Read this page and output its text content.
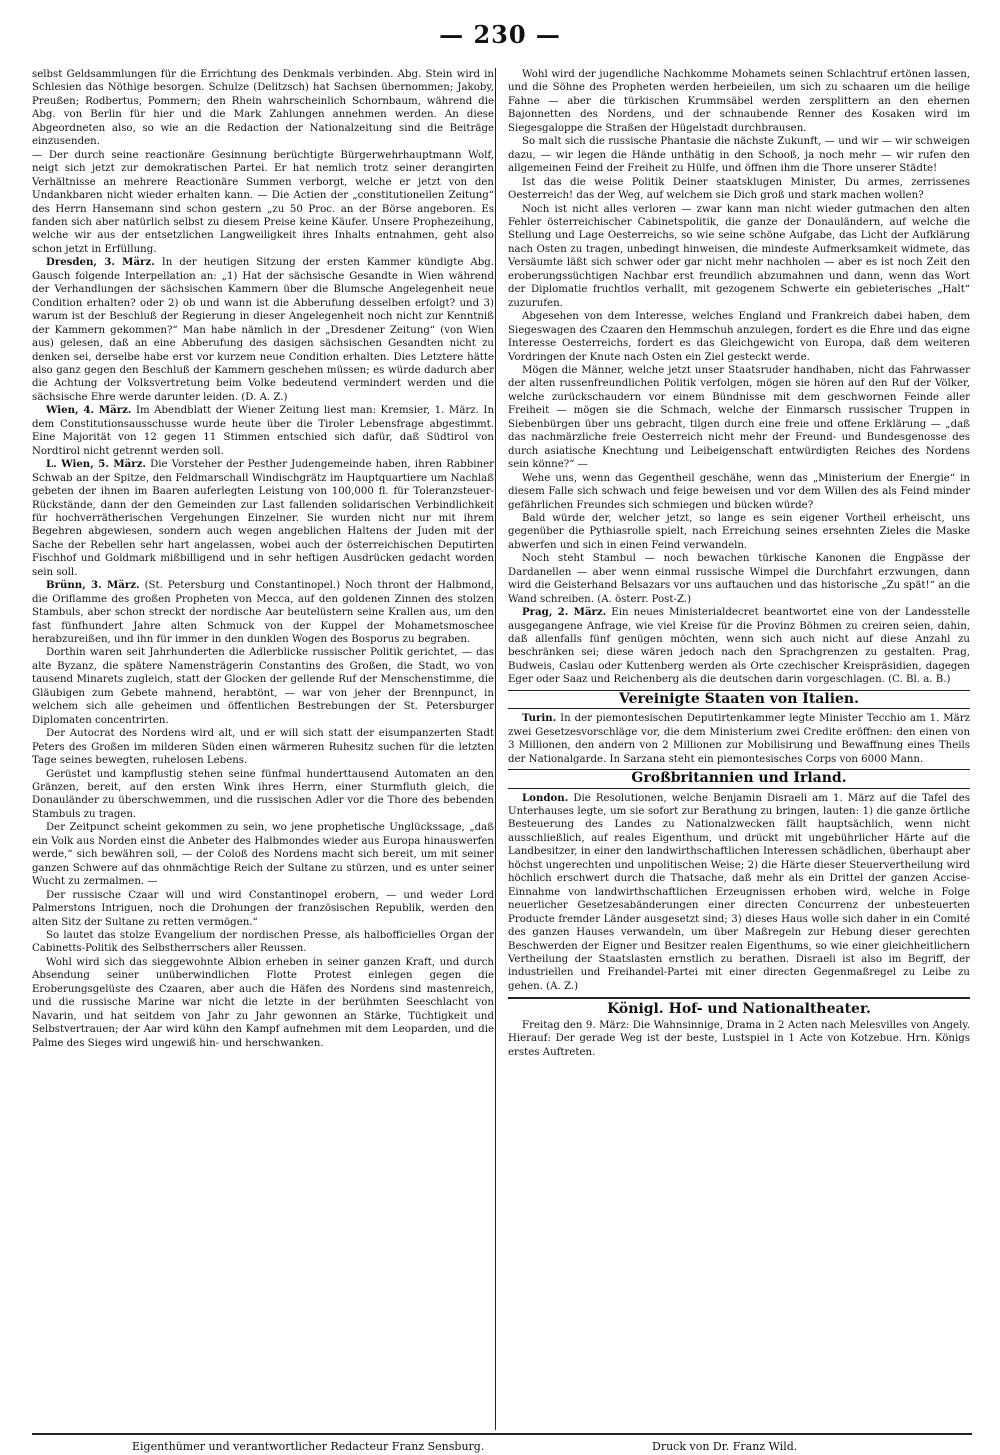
— 230 —

selbst Geldsammlungen für die Errichtung des Denkmals verbinden. Abg. Stein wird in Schlesien das Nöthige besorgen. Schulze (Delitzsch) hat Sachsen übernommen; Jakoby, Preußen; Rodbertus, Pommern; den Rhein wahrscheinlich Schornbaum, während die Abg. von Berlin für hier und die Mark Zahlungen annehmen werden. An diese Abgeordneten also, so wie an die Redaction der Nationalzeitung sind die Beiträge einzusenden.

— Der durch seine reactionäre Gesinnung berüchtigte Bürgerwehrhauptmann Wolf, neigt sich jetzt zur demokratischen Partei. Er hat nemlich trotz seiner derangirten Verhältnisse an mehrere Reactionäre Summen verborgt, welche er jetzt von den Undankbaren nicht wieder erhalten kann. — Die Actien der „constitutionellen Zeitung“ des Herrn Hansemann sind schon gestern „zu 50 Proc. an der Börse angeboren. Es fanden sich aber natürlich selbst zu diesem Preise keine Käufer. Unsere Prophezeihung, welche wir aus der entsetzlichen Langweiligkeit ihres Inhalts entnahmen, geht also schon jetzt in Erfüllung.

Dresden, 3. März. In der heutigen Sitzung der ersten Kammer kündigte Abg. Gausch folgende Interpellation an: „1) Hat der sächsische Gesandte in Wien während der Verhandlungen der sächsischen Kammern über die Blumsche Angelegenheit neue Condition erhalten? oder 2) ob und wann ist die Abberufung desselben erfolgt? und 3) warum ist der Beschluß der Regierung in dieser Angelegenheit noch nicht zur Kenntniß der Kammern gekommen?“ Man habe nämlich in der „Dresdener Zeitung“ (von Wien aus) gelesen, daß an eine Abberufung des dasigen sächsischen Gesandten nicht zu denken sei, derselbe habe erst vor kurzem neue Condition erhalten. Dies Letztere hätte also ganz gegen den Beschluß der Kammern geschehen müssen; es würde dadurch aber die Achtung der Volksvertretung beim Volke bedeutend vermindert werden und die sächsische Ehre werde darunter leiden. (D. A. Z.)

Wien, 4. März. Im Abendblatt der Wiener Zeitung liest man: Kremsier, 1. März. In dem Constitutionsausschusse wurde heute über die Tiroler Lebensfrage abgestimmt. Eine Majorität von 12 gegen 11 Stimmen entschied sich dafür, daß Südtirol von Nordtirol nicht getrennt werden soll.

L. Wien, 5. März. Die Vorsteher der Pesther Judengemeinde haben, ihren Rabbiner Schwab an der Spitze, den Feldmarschall Windischgrätz im Hauptquartiere um Nachlaß gebeten der ihnen im Baaren auferlegten Leistung von 100,000 fl. für Toleranzsteuer-Rückstände, dann der den Gemeinden zur Last fallenden solidarischen Verbindlichkeit für hochverrätherischen Vergehungen Einzelner. Sie wurden nicht nur mit ihrem Begehren abgewiesen, sondern auch wegen angeblichen Haltens der Juden mit der Sache der Rebellen sehr hart angelassen, wobei auch der österreichischen Deputirten Fischhof und Goldmark mißbilligend und in sehr heftigen Ausdrücken gedacht worden sein soll.

Brünn, 3. März. (St. Petersburg und Constantinopel.) Noch thront der Halbmond, die Oriflamme des großen Propheten von Mecca, auf den goldenen Zinnen des stolzen Stambuls, aber schon streckt der nordische Aar beutelüstern seine Krallen aus, um den fast fünfhundert Jahre alten Schmuck von der Kuppel der Mohametsmoschee herabzureißen, und ihn für immer in den dunklen Wogen des Bosporus zu begraben.

Dorthin waren seit Jahrhunderten die Adlerblicke russischer Politik gerichtet, — das alte Byzanz, die spätere Namensträgerin Constantins des Großen, die Stadt, wo von tausend Minarets zugleich, statt der Glocken der gellende Ruf der Menschenstimme, die Gläubigen zum Gebete mahnend, herabtönt, — war von jeher der Brennpunct, in welchem sich alle geheimen und öffentlichen Bestrebungen der St. Petersburger Diplomaten concentrirten.

Der Autocrat des Nordens wird alt, und er will sich statt der eisumpanzerten Stadt Peters des Großen im milderen Süden einen wärmeren Ruhesitz suchen für die letzten Tage seines bewegten, ruhelosen Lebens.

Gerüstet und kampflustig stehen seine fünfmal hunderttausend Automaten an den Gränzen, bereit, auf den ersten Wink ihres Herrn, einer Sturmfluth gleich, die Donauländer zu überschwemmen, und die russischen Adler vor die Thore des bebenden Stambuls zu tragen.

Der Zeitpunct scheint gekommen zu sein, wo jene prophetische Unglückssage, „daß ein Volk aus Norden einst die Anbeter des Halbmondes wieder aus Europa hinauswerfen werde,“ sich bewähren soll, — der Coloß des Nordens macht sich bereit, um mit seiner ganzen Schwere auf das ohnmächtige Reich der Sultane zu stürzen, und es unter seiner Wucht zu zermalmen. —

Der russische Czaar will und wird Constantinopel erobern, — und weder Lord Palmerstons Intriguen, noch die Drohungen der französischen Republik, werden den alten Sitz der Sultane zu retten vermögen.“

So lautet das stolze Evangelium der nordischen Presse, als halbofficielles Organ der Cabinetts-Politik des Selbstherrschers aller Reussen.

Wohl wird sich das sieggewohnte Albion erheben in seiner ganzen Kraft, und durch Absendung seiner unüberwindlichen Flotte Protest einlegen gegen die Eroberungsgelüste des Czaaren, aber auch die Häfen des Nordens sind mastenreich, und die russische Marine war nicht die letzte in der berühmten Seeschlacht von Navarin, und hat seitdem von Jahr zu Jahr gewonnen an Stärke, Tüchtigkeit und Selbstvertrauen; der Aar wird kühn den Kampf aufnehmen mit dem Leoparden, und die Palme des Sieges wird ungewiß hin- und herschwanken.

Wohl wird der jugendliche Nachkomme Mohamets seinen Schlachtruf ertönen lassen, und die Söhne des Propheten werden herbeieilen, um sich zu schaaren um die heilige Fahne — aber die türkischen Krummsäbel werden zersplittern an den ehernen Bajonnetten des Nordens, und der schnaubende Renner des Kosaken wird im Siegesgaloppe die Straßen der Hügelstadt durchbrausen.

So malt sich die russische Phantasie die nächste Zukunft, — und wir — wir schweigen dazu, — wir legen die Hände unthätig in den Schooß, ja noch mehr — wir rufen den allgemeinen Feind der Freiheit zu Hülfe, und öffnen ihm die Thore unserer Städte!

Ist das die weise Politik Deiner staatsklugen Minister, Du armes, zerrissenes Oesterreich! das der Weg, auf welchem sie Dich groß und stark machen wollen?

Noch ist nicht alles verloren — zwar kann man nicht wieder gutmachen den alten Fehler österreichischer Cabinetspolitik, die ganze der Donauländern, auf welche die Stellung und Lage Oesterreichs, so wie seine schöne Aufgabe, das Licht der Aufklärung nach Osten zu tragen, unbedingt hinweisen, die mindeste Aufmerksamkeit widmete, das Versäumte läßt sich schwer oder gar nicht mehr nachholen — aber es ist noch Zeit den eroberungssüchtigen Nachbar erst freundlich abzumahnen und dann, wenn das Wort der Diplomatie fruchtlos verhallt, mit gezogenem Schwerte ein gebieterisches „Halt“ zuzurufen.

Abgesehen von dem Interesse, welches England und Frankreich dabei haben, dem Siegeswagen des Czaaren den Hemmschuh anzulegen, fordert es die Ehre und das eigne Interesse Oesterreichs, fordert es das Gleichgewicht von Europa, daß dem weiteren Vordringen der Knute nach Osten ein Ziel gesteckt werde.

Mögen die Männer, welche jetzt unser Staatsruder handhaben, nicht das Fahrwasser der alten russenfreundlichen Politik verfolgen, mögen sie hören auf den Ruf der Völker, welche zurückschaudern vor einem Bündnisse mit dem geschwornen Feinde aller Freiheit — mögen sie die Schmach, welche der Einmarsch russischer Truppen in Siebenbürgen über uns gebracht, tilgen durch eine freie und offene Erklärung — „daß das nachmärzliche freie Oesterreich nicht mehr der Freund- und Bundesgenosse des durch asiatische Knechtung und Leibeigenschaft entwürdigten Reiches des Nordens sein könne?“ —

Wehe uns, wenn das Gegentheil geschähe, wenn das „Ministerium der Energie“ in diesem Falle sich schwach und feige beweisen und vor dem Willen des als Feind minder gefährlichen Freundes sich schmiegen und bücken würde?

Bald würde der, welcher jetzt, so lange es sein eigener Vortheil erheischt, uns gegenüber die Pythiasrolle spielt, nach Erreichung seines ersehnten Zieles die Maske abwerfen und sich in einen Feind verwandeln.

Noch steht Stambul — noch bewachen türkische Kanonen die Engpässe der Dardanellen — aber wenn einmal russische Wimpel die Durchfahrt erzwungen, dann wird die Geisterhand Belsazars vor uns auftauchen und das historische „Zu spät!“ an die Wand schreiben. (A. österr. Post-Z.)

Prag, 2. März. Ein neues Ministerialdecret beantwortet eine von der Landesstelle ausgegangene Anfrage, wie viel Kreise für die Provinz Böhmen zu creiren seien, dahin, daß allenfalls fünf genügen möchten, wenn sich auch nicht auf diese Anzahl zu beschränken sei; diese wären jedoch nach den Sprachgrenzen zu gestalten. Prag, Budweis, Caslau oder Kuttenberg werden als Orte czechischer Kreispräsidien, dagegen Eger oder Saaz und Reichenberg als die deutschen darin vorgeschlagen. (C. Bl. a. B.)

Vereinigte Staaten von Italien.

Turin. In der piemontesischen Deputirtenkammer legte Minister Tecchio am 1. März zwei Gesetzesvorschläge vor, die dem Ministerium zwei Credite eröffnen: den einen von 3 Millionen, den andern von 2 Millionen zur Mobilisirung und Bewaffnung eines Theils der Nationalgarde. In Sarzana steht ein piemontesisches Corps von 6000 Mann.

Großbritannien und Irland.

London. Die Resolutionen, welche Benjamin Disraeli am 1. März auf die Tafel des Unterhauses legte, um sie sofort zur Berathung zu bringen, lauten: 1) die ganze örtliche Besteuerung des Landes zu Nationalzwecken fällt hauptsächlich, wenn nicht ausschließlich, auf reales Eigenthum, und drückt mit ungebührlicher Härte auf die Landbesitzer, in einer den landwirthschaftlichen Interessen schädlichen, überhaupt aber höchst ungerechten und unpolitischen Weise; 2) die Härte dieser Steuervertheilung wird höchlich erschwert durch die Thatsache, daß mehr als ein Drittel der ganzen Accise-Einnahme von landwirthschaftlichen Erzeugnissen erhoben wird, welche in Folge neuerlicher Gesetzesabänderungen einer directen Concurrenz der unbesteuerten Producte fremder Länder ausgesetzt sind; 3) dieses Haus wolle sich daher in ein Comité des ganzen Hauses verwandeln, um über Maßregeln zur Hebung dieser gerechten Beschwerden der Eigner und Besitzer realen Eigenthums, so wie einer gleichheitlichern Vertheilung der Staatslasten ernstlich zu berathen. Disraeli ist also im Begriff, der industriellen und Freihandel-Partei mit einer directen Gegenmaßregel zu Leibe zu gehen. (A. Z.)

Königl. Hof- und Nationaltheater.

Freitag den 9. März: Die Wahnsinnige, Drama in 2 Acten nach Melesvilles von Angely. Hierauf: Der gerade Weg ist der beste, Lustspiel in 1 Acte von Kotzebue. Hrn. Königs erstes Auftreten.

Eigenthümer und verantwortlicher Redacteur Franz Sensburg.	Druck von Dr. Franz Wild.
